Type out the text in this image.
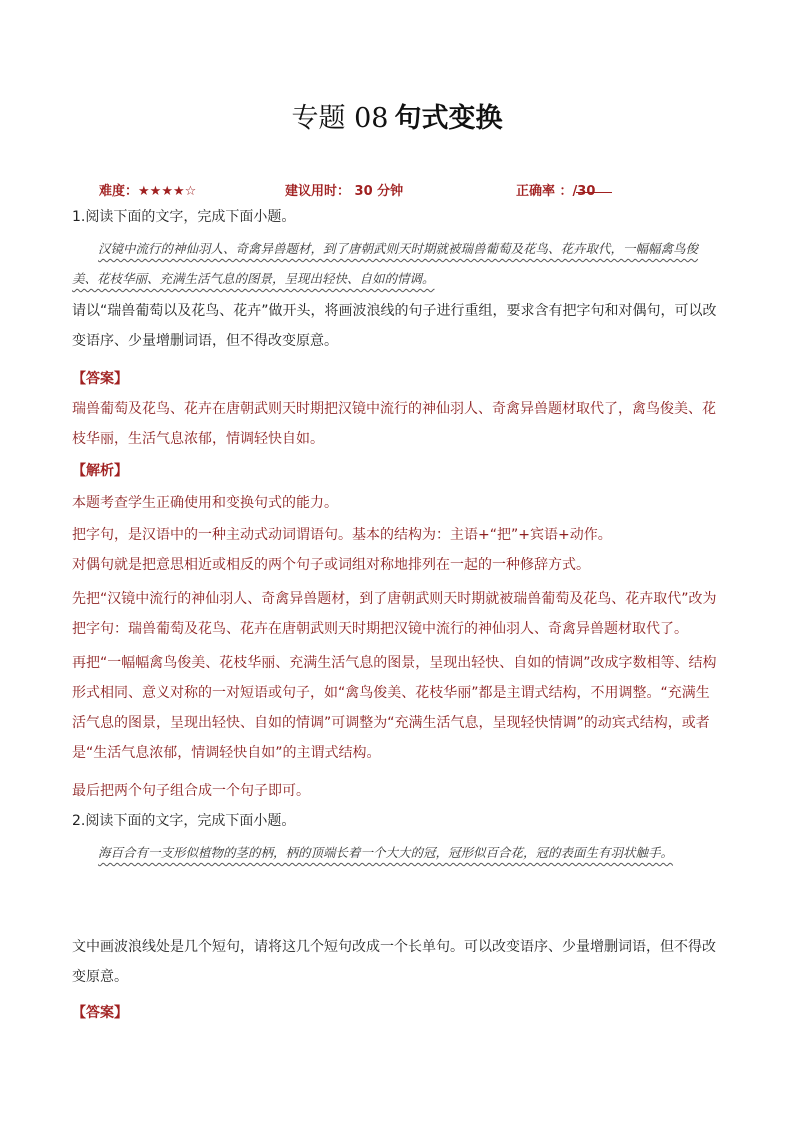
专题 08 句式变换
难度：★★★★☆	建议用时： 30 分钟	正确率 ：
/30

1.阅读下面的文字，完成下面小题。

汉镜中流行的神仙羽人、奇禽异兽题材，到了唐朝武则天时期就被瑞兽葡萄及花鸟、花卉取代，一幅幅禽鸟俊美、花枝华丽、充满生活气息的图景，呈现出轻快、自如的情调。

请以“瑞兽葡萄以及花鸟、花卉”做开头，将画波浪线的句子进行重组，要求含有把字句和对偶句，可以改变语序、少量增删词语，但不得改变原意。

【答案】

瑞兽葡萄及花鸟、花卉在唐朝武则天时期把汉镜中流行的神仙羽人、奇禽异兽题材取代了，禽鸟俊美、花枝华丽，生活气息浓郁，情调轻快自如。

【解析】

本题考查学生正确使用和变换句式的能力。

把字句，是汉语中的一种主动式动词谓语句。基本的结构为：主语+“把”+宾语+动作。

对偶句就是把意思相近或相反的两个句子或词组对称地排列在一起的一种修辞方式。

先把“汉镜中流行的神仙羽人、奇禽异兽题材，到了唐朝武则天时期就被瑞兽葡萄及花鸟、花卉取代”改为把字句：瑞兽葡萄及花鸟、花卉在唐朝武则天时期把汉镜中流行的神仙羽人、奇禽异兽题材取代了。

再把“一幅幅禽鸟俊美、花枝华丽、充满生活气息的图景，呈现出轻快、自如的情调”改成字数相等、结构形式相同、意义对称的一对短语或句子，如“禽鸟俊美、花枝华丽”都是主谓式结构，不用调整。“充满生活气息的图景，呈现出轻快、自如的情调”可调整为“充满生活气息，呈现轻快情调”的动宾式结构，或者是“生活气息浓郁，情调轻快自如”的主谓式结构。

最后把两个句子组合成一个句子即可。

2.阅读下面的文字，完成下面小题。

海百合有一支形似植物的茎的柄，柄的顶端长着一个大大的冠，冠形似百合花，冠的表面生有羽状触手。

文中画波浪线处是几个短句，请将这几个短句改成一个长单句。可以改变语序、少量增删词语，但不得改变原意。

【答案】
